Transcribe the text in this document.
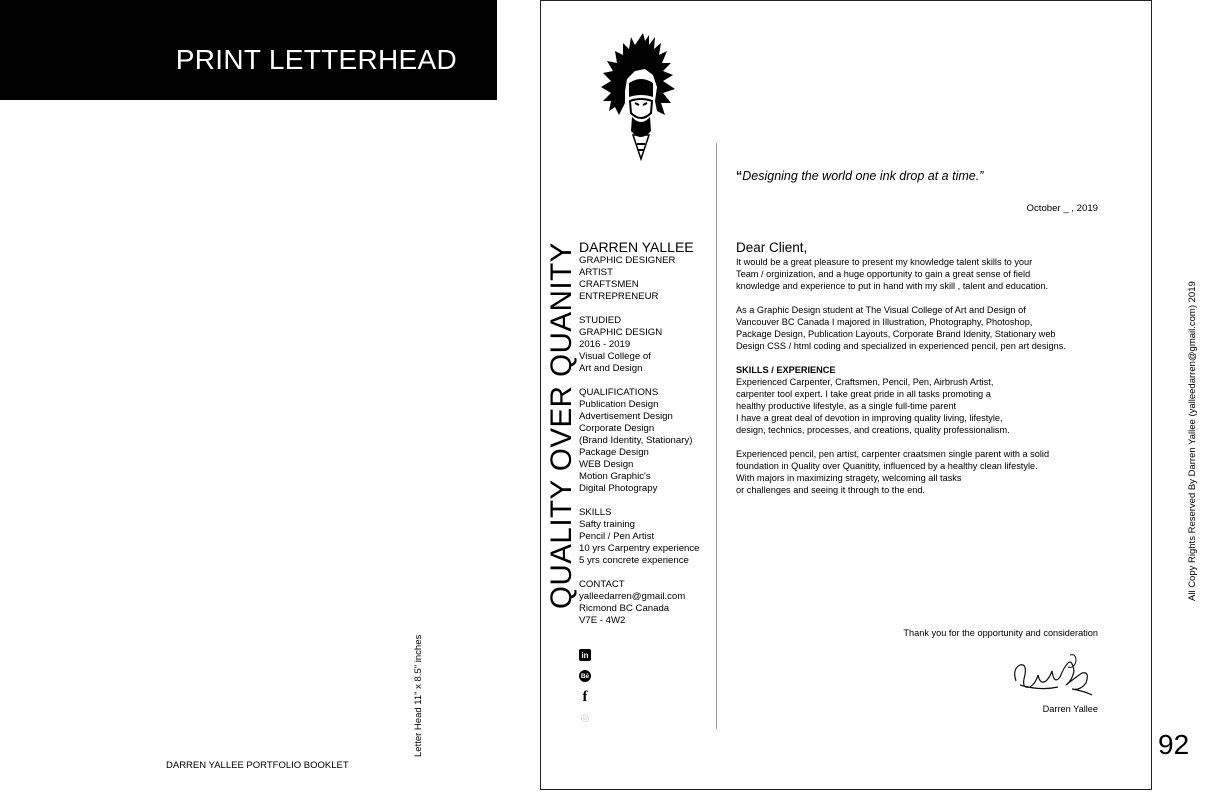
PRINT LETTERHEAD
DARREN YALLEE PORTFOLIO BOOKLET
Letter Head 11" x 8.5" inches
All Copy Rights Reserved By Darren Yallee (yalleedarren@gmail.com) 2019
92
QUALITY OVER QUANITY DARREN YALLEE
GRAPHIC DESIGNER
ARTIST
CRAFTSMEN
ENTREPRENEUR
STUDIED
GRAPHIC DESIGN
2016 - 2019
Visual College of
Art and Design
QUALIFICATIONS
Publication Design
Advertisement Design
Corporate Design
(Brand Identity, Stationary)
Package Design
WEB Design
Motion Graphic's
Digital Photograpy
SKILLS
Safty training
Pencil / Pen Artist
10 yrs Carpentry experience
5 yrs concrete experience
CONTACT
yalleedarren@gmail.com
Ricmond BC Canada
V7E - 4W2
in
Bē
f
◎
“Designing the world one ink drop at a time.”
October _ , 2019
Dear Client,
It would be a great pleasure to present my knowledge talent skills to your
Team / orginization, and a huge opportunity to gain a great sense of field
knowledge and experience to put in hand with my skill , talent and education.
As a Graphic Design student at The Visual College of Art and Design of
Vancouver BC Canada I majored in Illustration, Photography, Photoshop,
Package Design, Publication Layouts, Corporate Brand Idenity, Stationary web
Design CSS / html coding and specialized in experienced pencil, pen art designs.
SKILLS / EXPERIENCE
Experienced Carpenter, Craftsmen, Pencil, Pen, Airbrush Artist,
carpenter tool expert. I take great pride in all tasks promoting a
healthy productive lifestyle, as a single full-time parent
I have a great deal of devotion in improving quality living, lifestyle,
design, technics, processes, and creations, quality professionalism.
Experienced pencil, pen artist, carpenter craatsmen single parent with a solid
foundation in Quality over Quanitity, influenced by a healthy clean lifestyle.
With majors in maximizing stragety, welcoming all tasks
or challenges and seeing it through to the end.
Thank you for the opportunity and consideration
Darren Yallee
